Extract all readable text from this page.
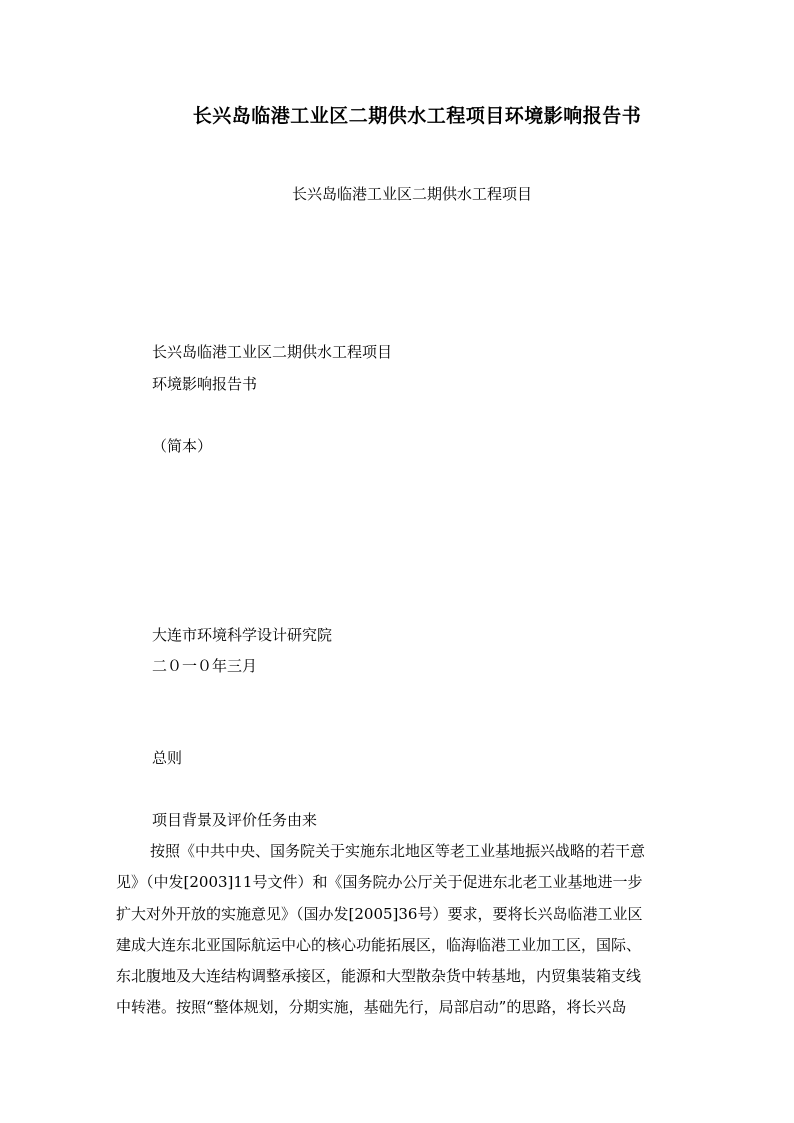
长兴岛临港工业区二期供水工程项目环境影响报告书
长兴岛临港工业区二期供水工程项目
长兴岛临港工业区二期供水工程项目
环境影响报告书
（简本）
大连市环境科学设计研究院
二０一０年三月
总则
项目背景及评价任务由来
按照《中共中央、国务院关于实施东北地区等老工业基地振兴战略的若干意
见》（中发[2003]11号文件）和《国务院办公厅关于促进东北老工业基地进一步
扩大对外开放的实施意见》（国办发[2005]36号）要求，要将长兴岛临港工业区
建成大连东北亚国际航运中心的核心功能拓展区，临海临港工业加工区，国际、
东北腹地及大连结构调整承接区，能源和大型散杂货中转基地，内贸集装箱支线
中转港。按照“整体规划，分期实施，基础先行，局部启动”的思路，将长兴岛
